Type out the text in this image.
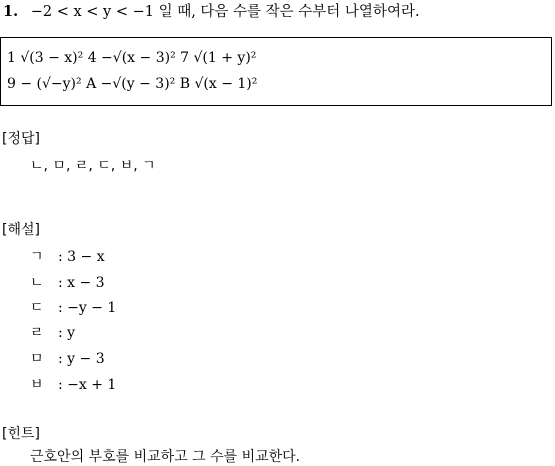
1. −2 < x < y < −1 일 때, 다음 수를 작은 수부터 나열하여라.
1 √(3 − x)² 4 −√(x − 3)² 7 √(1 + y)²
9 − (√−y)² A −√(y − 3)² B √(x − 1)²
[정답]
ㄴ, ㅁ, ㄹ, ㄷ, ㅂ, ㄱ
[해설]
ㄱ : 3 − x
ㄴ : x − 3
ㄷ : −y − 1
ㄹ : y
ㅁ : y − 3
ㅂ : −x + 1
[힌트]
근호안의 부호를 비교하고 그 수를 비교한다.
